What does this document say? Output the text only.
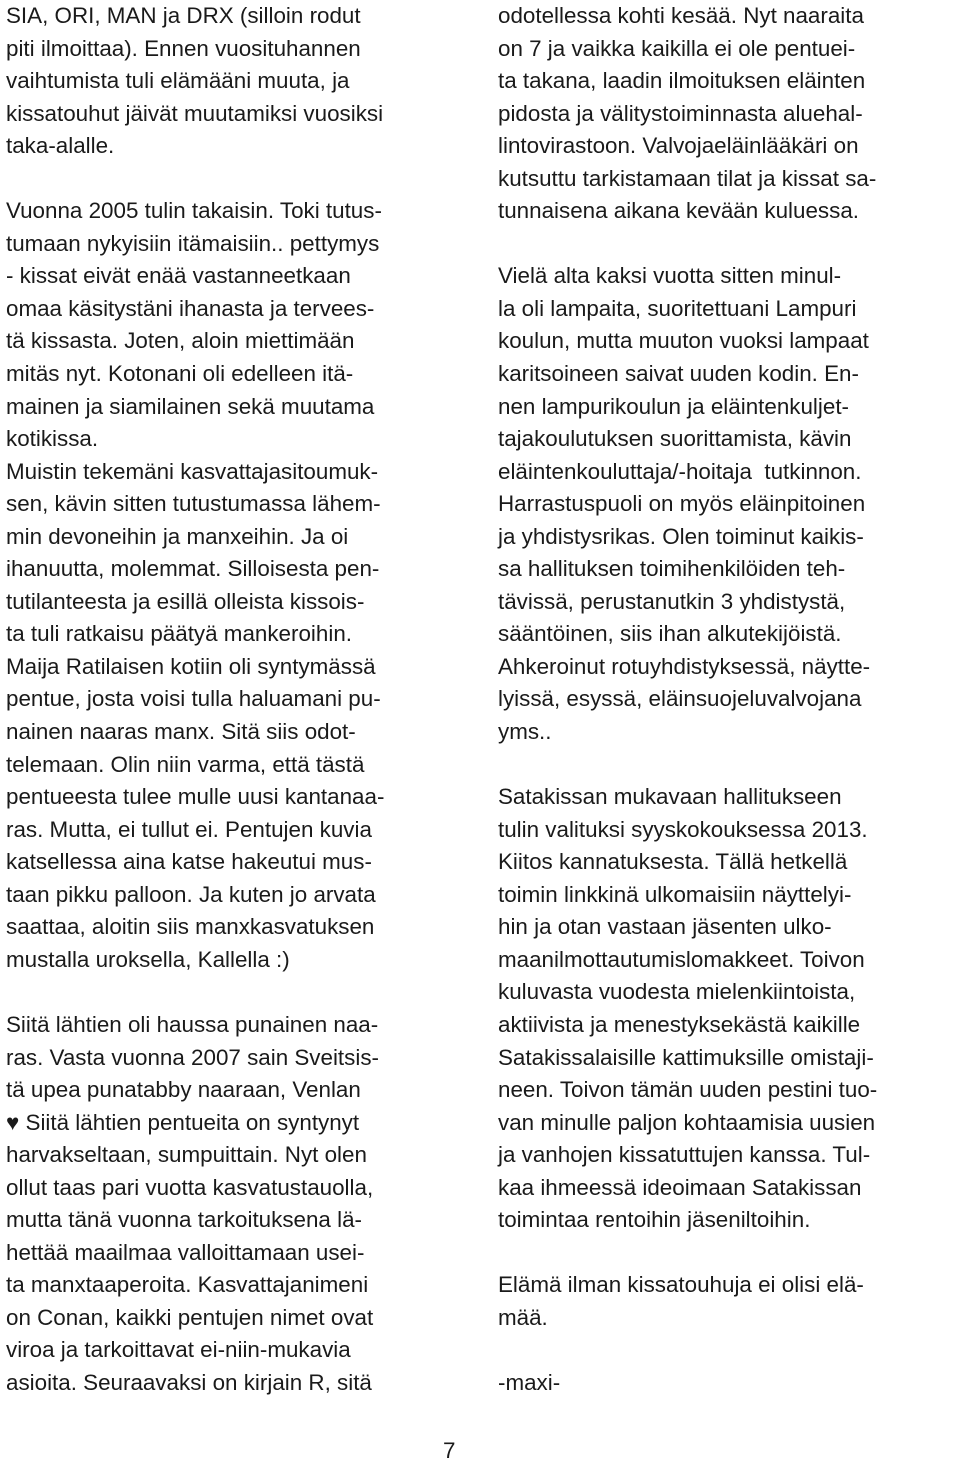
SIA, ORI, MAN ja DRX (silloin rodut
piti ilmoittaa). Ennen vuosituhannen
vaihtumista tuli elämääni muuta, ja
kissatouhut jäivät muutamiksi vuosiksi
taka-alalle.
Vuonna 2005 tulin takaisin. Toki tutus-
tumaan nykyisiin itämaisiin.. pettymys
- kissat eivät enää vastanneetkaan
omaa käsitystäni ihanasta ja tervees-
tä kissasta. Joten, aloin miettimään
mitäs nyt. Kotonani oli edelleen itä-
mainen ja siamilainen sekä muutama
kotikissa.
Muistin tekemäni kasvattajasitoumuk-
sen, kävin sitten tutustumassa lähem-
min devoneihin ja manxeihin. Ja oi
ihanuutta, molemmat. Silloisesta pen-
tutilanteesta ja esillä olleista kissois-
ta tuli ratkaisu päätyä mankeroihin.
Maija Ratilaisen kotiin oli syntymässä
pentue, josta voisi tulla haluamani pu-
nainen naaras manx. Sitä siis odot-
telemaan. Olin niin varma, että tästä
pentueesta tulee mulle uusi kantanaa-
ras. Mutta, ei tullut ei. Pentujen kuvia
katsellessa aina katse hakeutui mus-
taan pikku palloon. Ja kuten jo arvata
saattaa, aloitin siis manxkasvatuksen
mustalla uroksella, Kallella :)
Siitä lähtien oli haussa punainen naa-
ras. Vasta vuonna 2007 sain Sveitsis-
tä upea punatabby naaraan, Venlan
♥ Siitä lähtien pentueita on syntynyt
harvakseltaan, sumpuittain. Nyt olen
ollut taas pari vuotta kasvatustauolla,
mutta tänä vuonna tarkoituksena lä-
hettää maailmaa valloittamaan usei-
ta manxtaaperoita. Kasvattajanimeni
on Conan, kaikki pentujen nimet ovat
viroa ja tarkoittavat ei-niin-mukavia
asioita. Seuraavaksi on kirjain R, sitä
odotellessa kohti kesää. Nyt naaraita
on 7 ja vaikka kaikilla ei ole pentuei-
ta takana, laadin ilmoituksen eläinten
pidosta ja välitystoiminnasta aluehal-
lintovirastoon. Valvojaeläinlääkäri on
kutsuttu tarkistamaan tilat ja kissat sa-
tunnaisena aikana kevään kuluessa.
Vielä alta kaksi vuotta sitten minul-
la oli lampaita, suoritettuani Lampuri
koulun, mutta muuton vuoksi lampaat
karitsoineen saivat uuden kodin. En-
nen lampurikoulun ja eläintenkuljet-
tajakoulutuksen suorittamista, kävin
eläintenkouluttaja/-hoitaja  tutkinnon.
Harrastuspuoli on myös eläinpitoinen
ja yhdistysrikas. Olen toiminut kaikis-
sa hallituksen toimihenkilöiden teh-
tävissä, perustanutkin 3 yhdistystä,
sääntöinen, siis ihan alkutekijöistä.
Ahkeroinut rotuyhdistyksessä, näytte-
lyissä, esyssä, eläinsuojeluvalvojana
yms..
Satakissan mukavaan hallitukseen
tulin valituksi syyskokouksessa 2013.
Kiitos kannatuksesta. Tällä hetkellä
toimin linkkinä ulkomaisiin näyttelyi-
hin ja otan vastaan jäsenten ulko-
maanilmottautumislomakkeet. Toivon
kuluvasta vuodesta mielenkiintoista,
aktiivista ja menestyksekästä kaikille
Satakissalaisille kattimuksille omistaji-
neen. Toivon tämän uuden pestini tuo-
van minulle paljon kohtaamisia uusien
ja vanhojen kissatuttujen kanssa. Tul-
kaa ihmeessä ideoimaan Satakissan
toimintaa rentoihin jäseniltoihin.
Elämä ilman kissatouhuja ei olisi elä-
mää.
-maxi-
7
